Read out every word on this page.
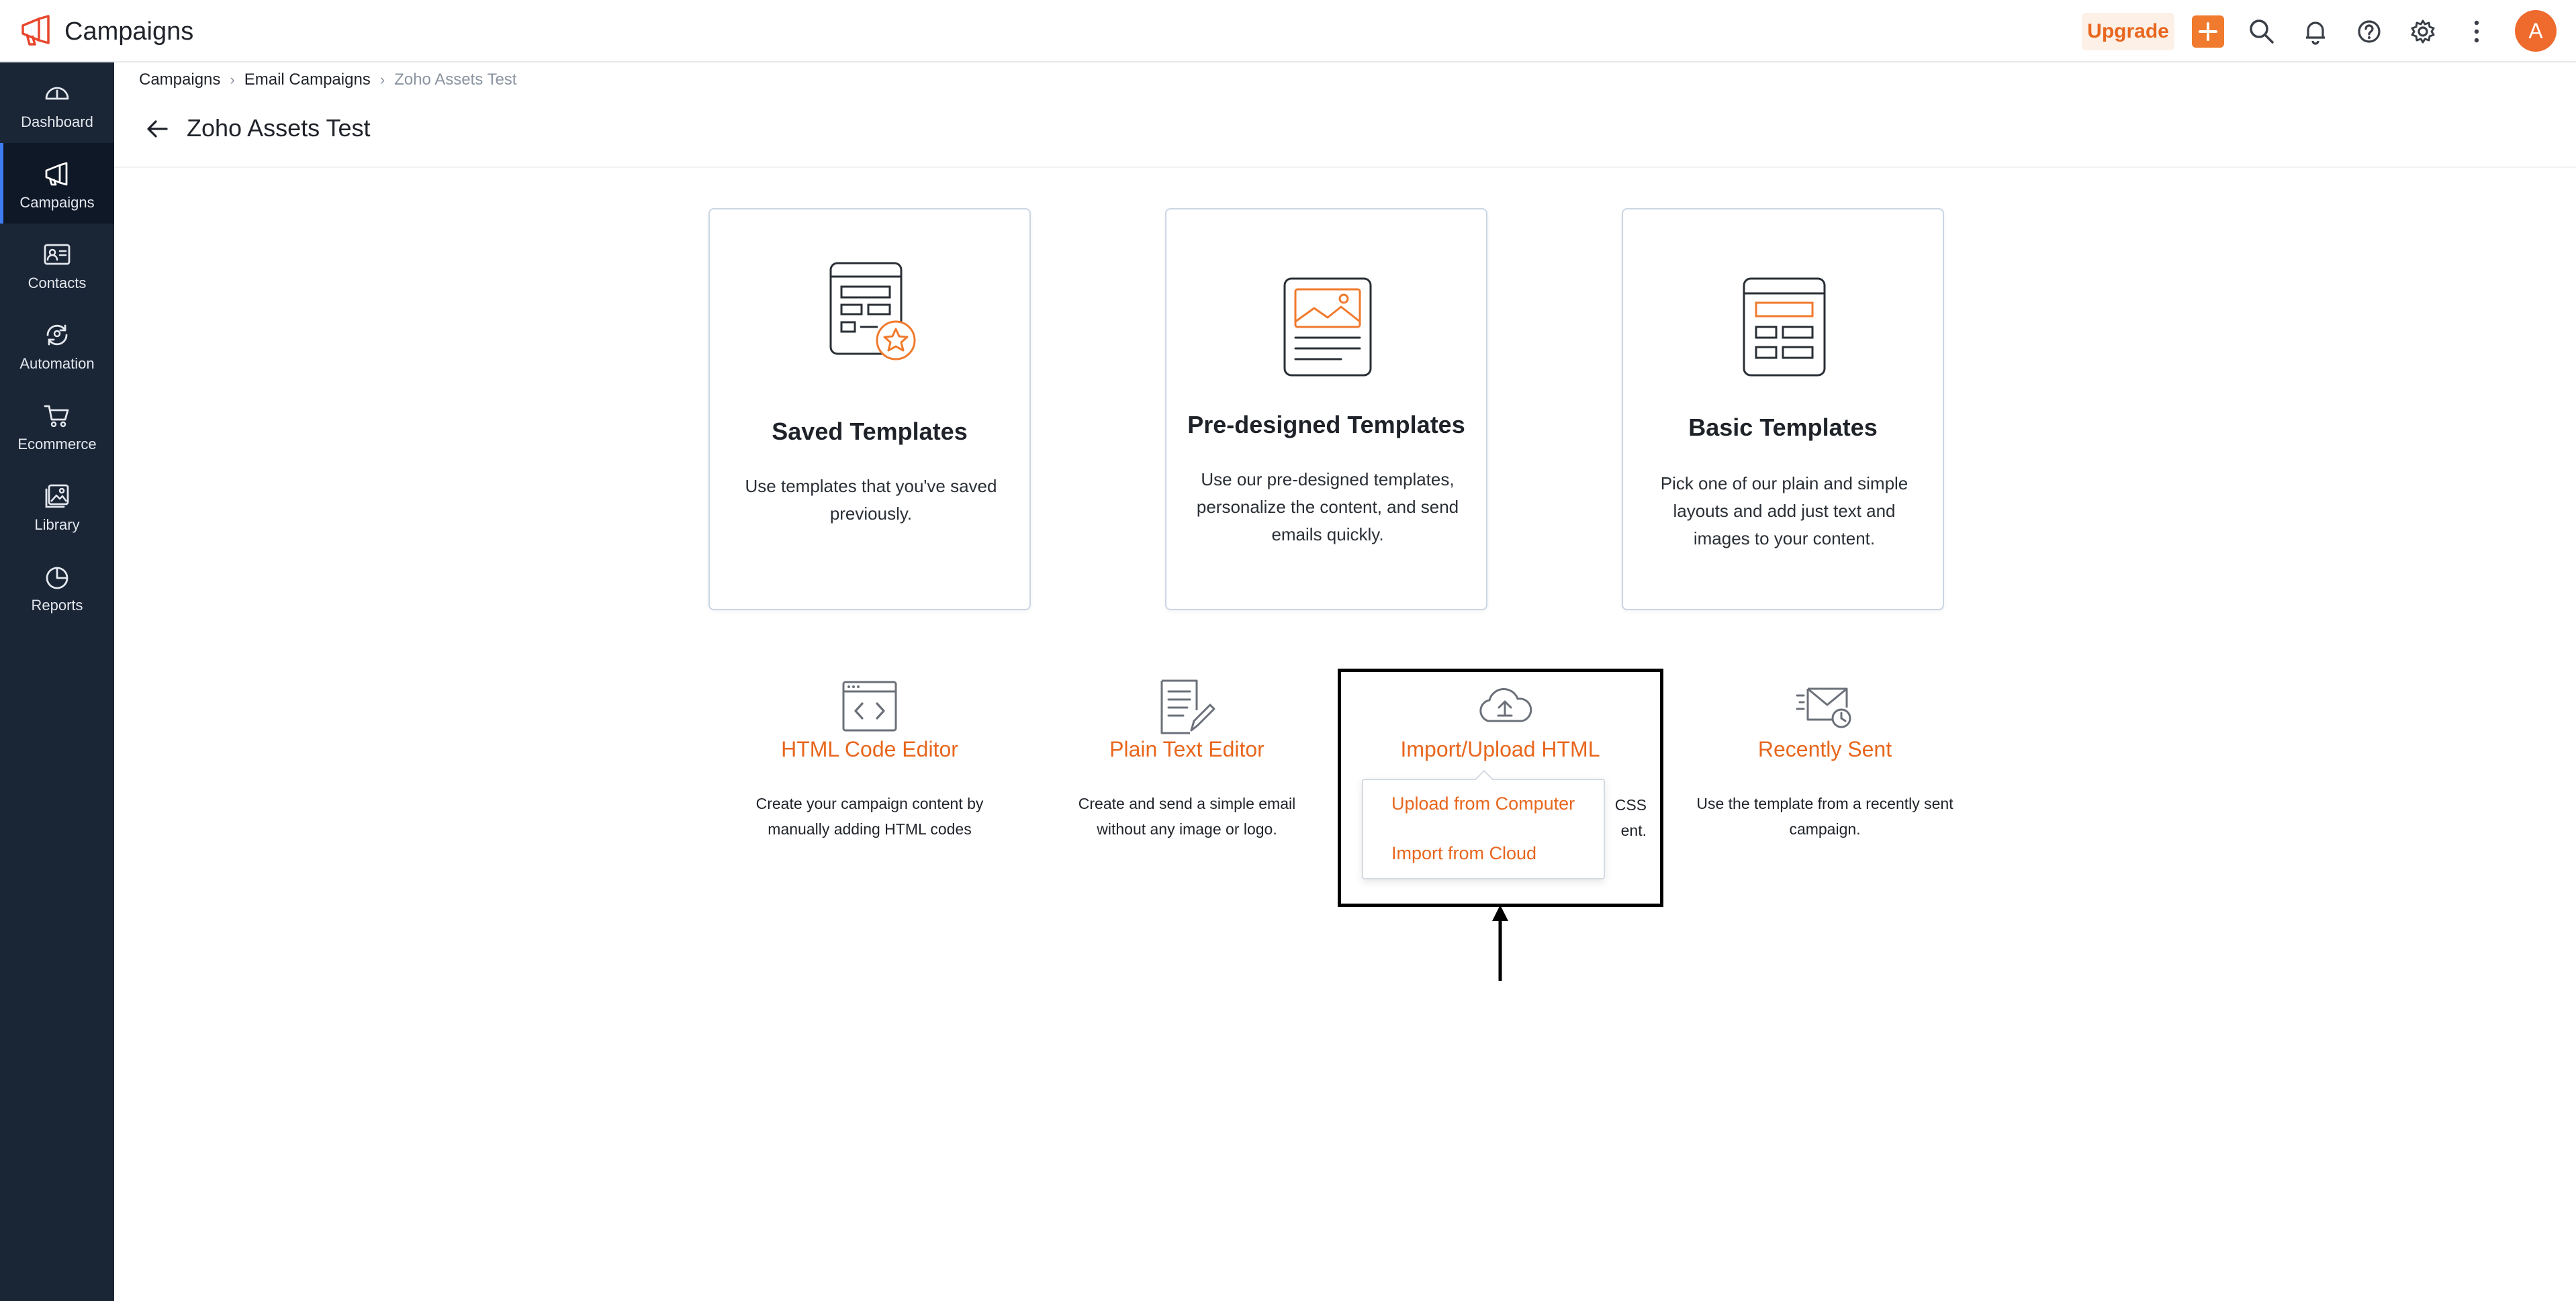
Campaigns	Upgrade	A
Dashboard
Campaigns
Contacts
Automation
Ecommerce
Library
Reports
Campaigns › Email Campaigns › Zoho Assets Test
Zoho Assets Test
Saved Templates
Use templates that you've saved previously.
Pre-designed Templates
Use our pre-designed templates, personalize the content, and send emails quickly.
Basic Templates
Pick one of our plain and simple layouts and add just text and images to your content.
HTML Code Editor
Create your campaign content by manually adding HTML codes
Plain Text Editor
Create and send a simple email without any image or logo.
Import/Upload HTML
CSS
ent.
Recently Sent
Use the template from a recently sent campaign.
Upload from Computer
Import from Cloud
